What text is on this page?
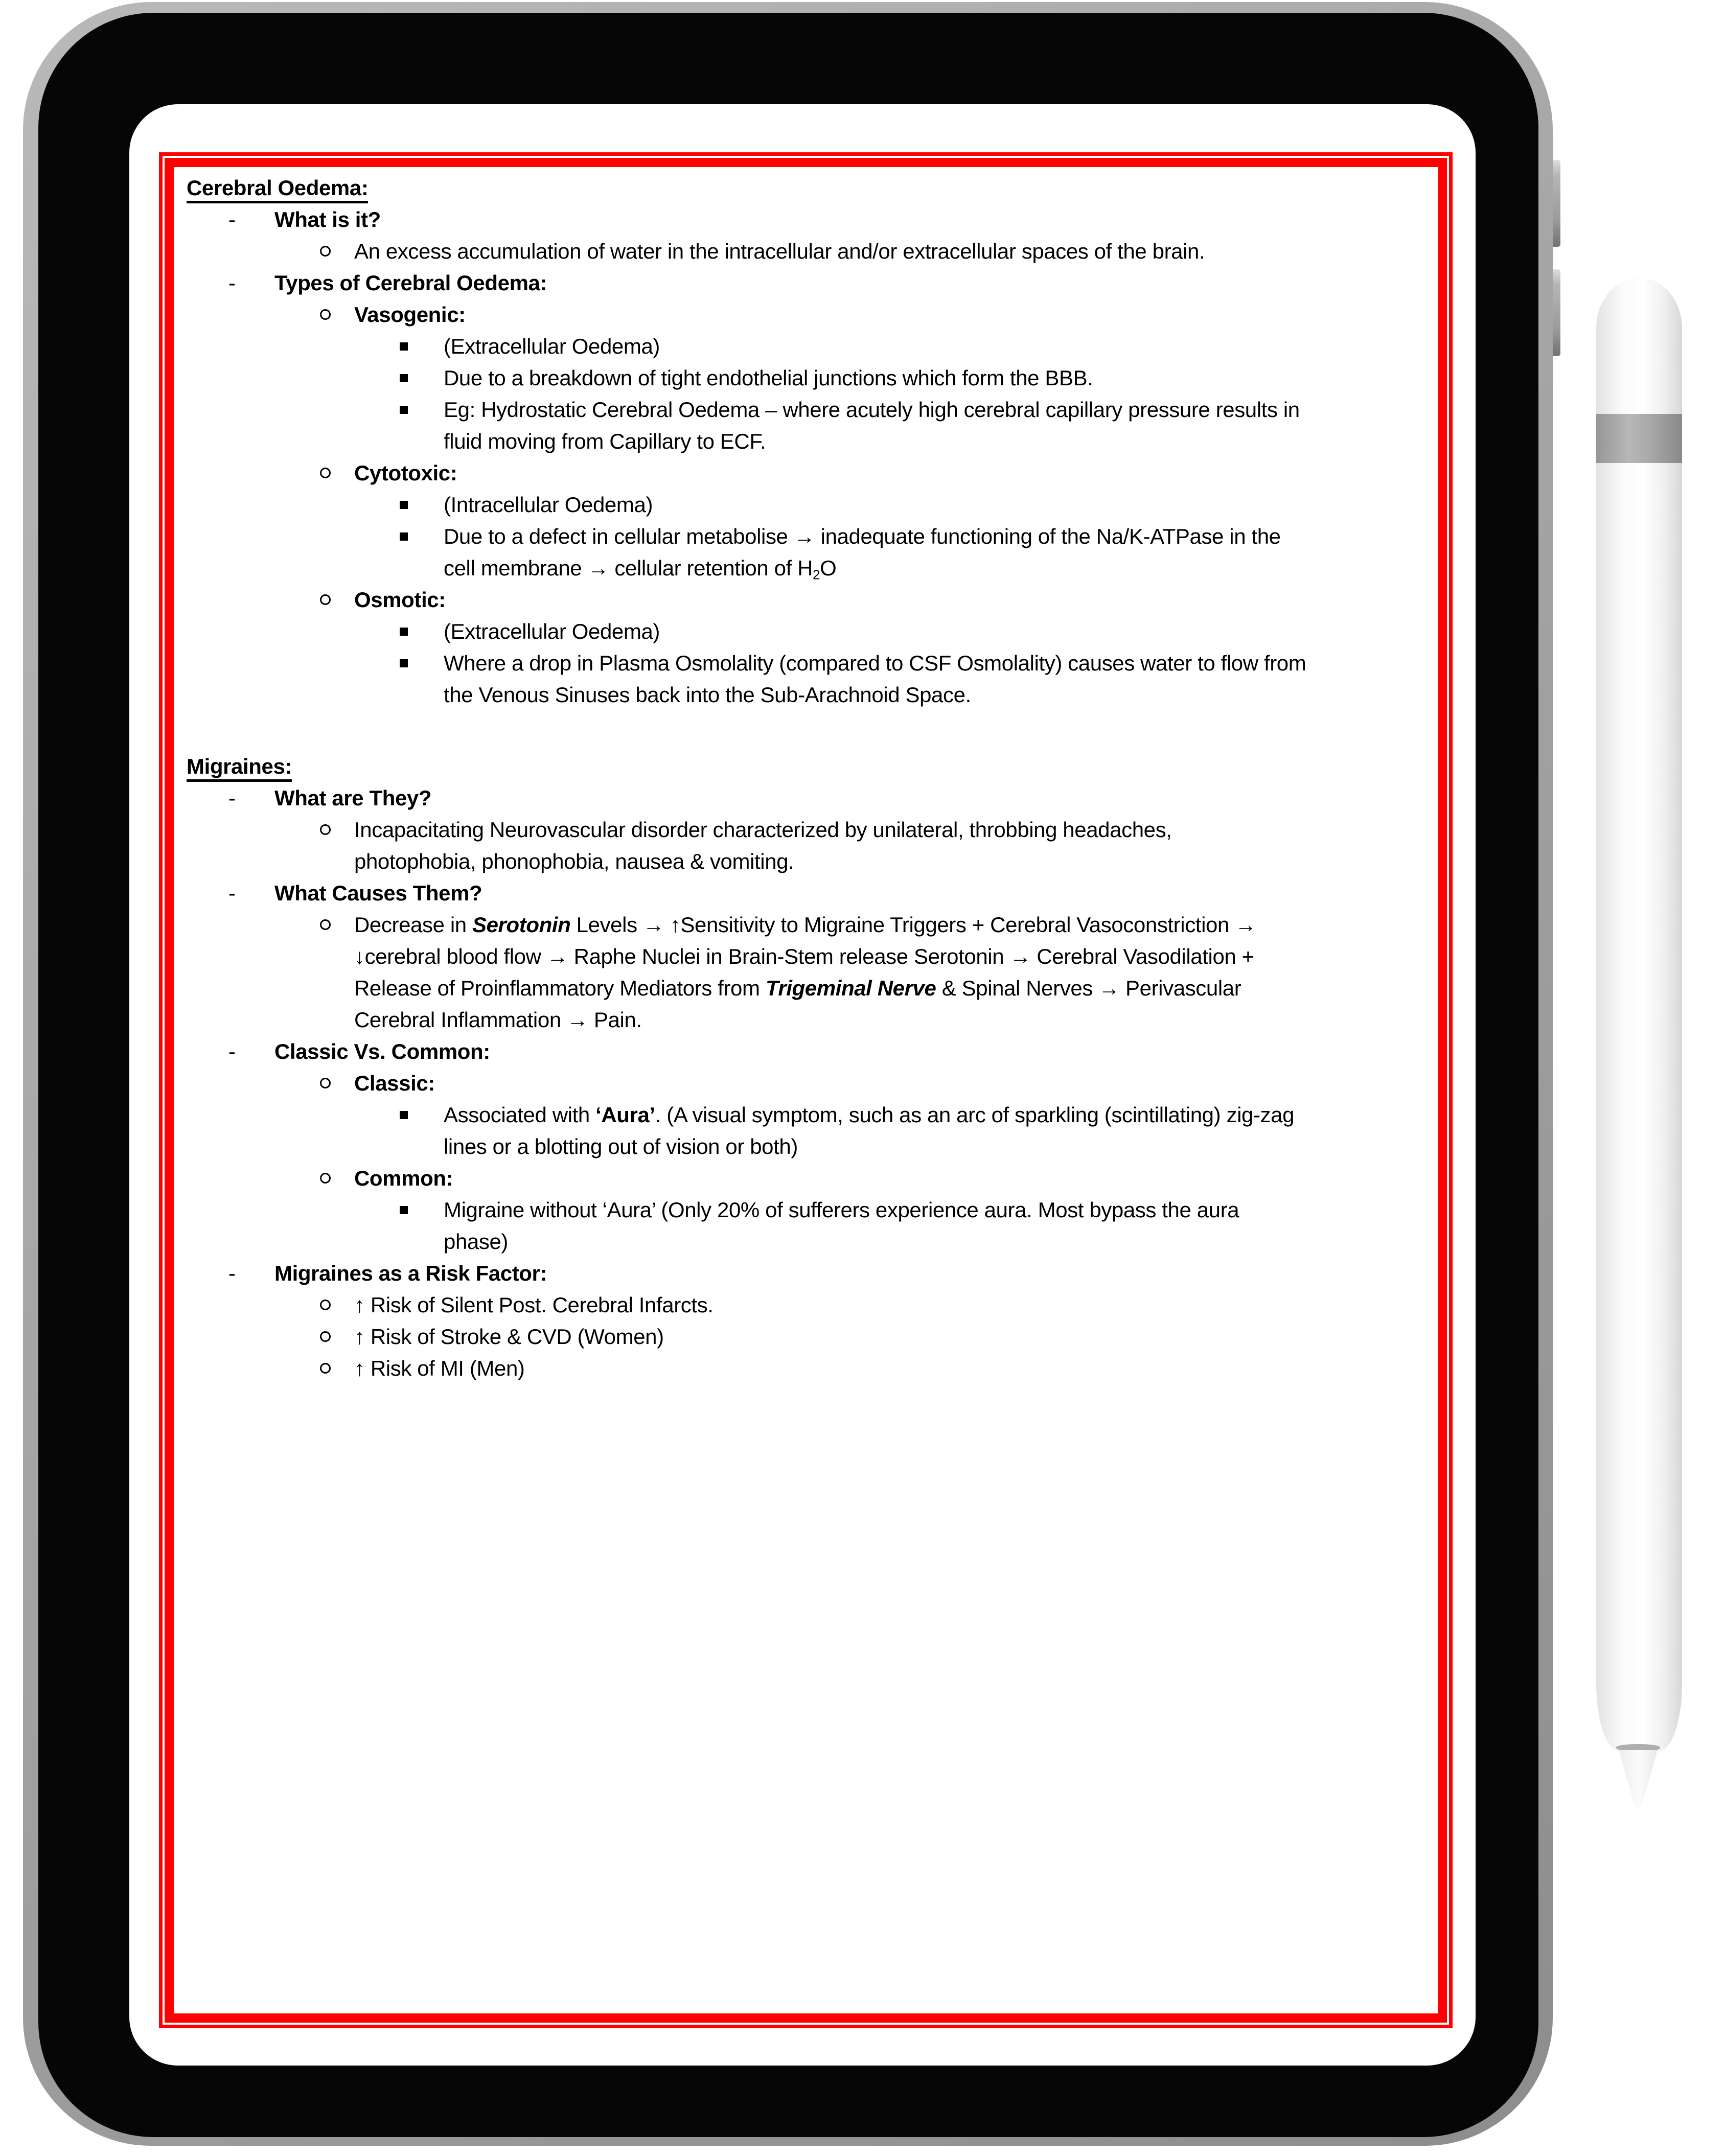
Cerebral Oedema:
- What is it?
An excess accumulation of water in the intracellular and/or extracellular spaces of the brain.
- Types of Cerebral Oedema:
Vasogenic:
(Extracellular Oedema)
Due to a breakdown of tight endothelial junctions which form the BBB.
Eg: Hydrostatic Cerebral Oedema – where acutely high cerebral capillary pressure results in
fluid moving from Capillary to ECF.
Cytotoxic:
(Intracellular Oedema)
Due to a defect in cellular metabolise → inadequate functioning of the Na/K-ATPase in the
cell membrane → cellular retention of H2O
Osmotic:
(Extracellular Oedema)
Where a drop in Plasma Osmolality (compared to CSF Osmolality) causes water to flow from
the Venous Sinuses back into the Sub-Arachnoid Space.
Migraines:
- What are They?
Incapacitating Neurovascular disorder characterized by unilateral, throbbing headaches,
photophobia, phonophobia, nausea & vomiting.
- What Causes Them?
Decrease in Serotonin Levels → ↑Sensitivity to Migraine Triggers + Cerebral Vasoconstriction →
↓cerebral blood flow → Raphe Nuclei in Brain-Stem release Serotonin → Cerebral Vasodilation +
Release of Proinflammatory Mediators from Trigeminal Nerve & Spinal Nerves → Perivascular
Cerebral Inflammation → Pain.
- Classic Vs. Common:
Classic:
Associated with ‘Aura’. (A visual symptom, such as an arc of sparkling (scintillating) zig-zag
lines or a blotting out of vision or both)
Common:
Migraine without ‘Aura’ (Only 20% of sufferers experience aura. Most bypass the aura
phase)
- Migraines as a Risk Factor:
↑ Risk of Silent Post. Cerebral Infarcts.
↑ Risk of Stroke & CVD (Women)
↑ Risk of MI (Men)
